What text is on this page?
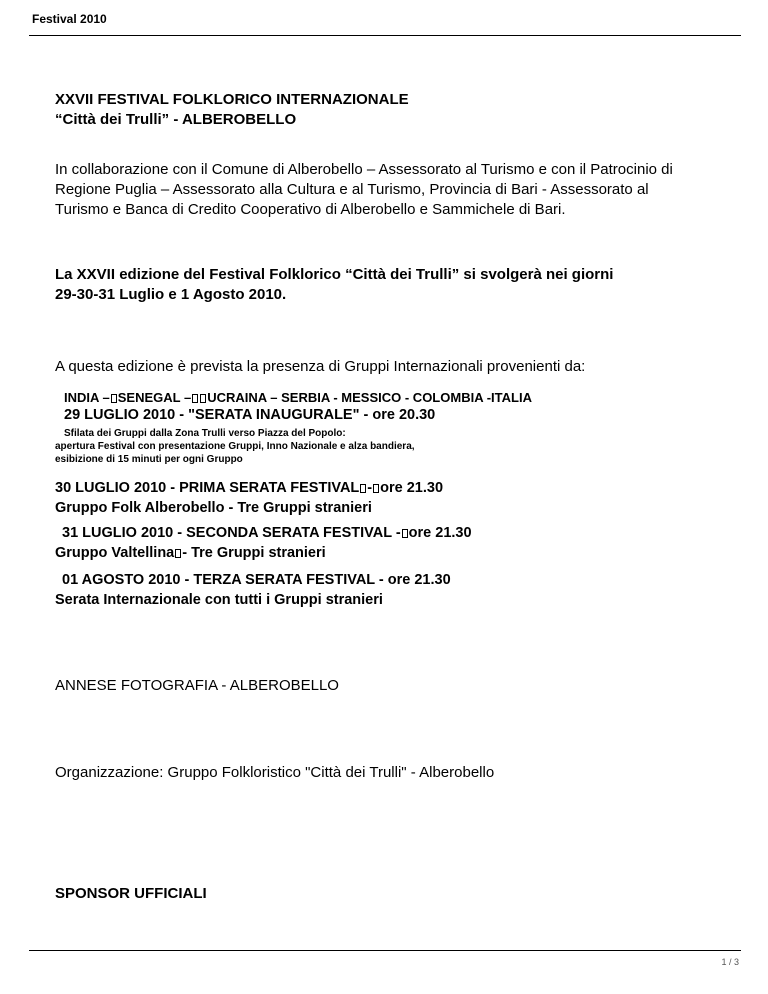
Festival 2010
XXVII FESTIVAL FOLKLORICO INTERNAZIONALE
“Città dei Trulli” - ALBEROBELLO
In collaborazione con il Comune di Alberobello – Assessorato al Turismo e con il Patrocinio di
Regione Puglia – Assessorato alla Cultura e al Turismo, Provincia di Bari - Assessorato al
Turismo e Banca di Credito Cooperativo di Alberobello e Sammichele di Bari.
La XXVII edizione del Festival Folklorico “Città dei Trulli” si svolgerà nei giorni
29-30-31 Luglio e 1 Agosto 2010.
A questa edizione è prevista la presenza di Gruppi Internazionali provenienti da:
INDIA – SENEGAL – UCRAINA – SERBIA - MESSICO - COLOMBIA -ITALIA
29 LUGLIO 2010 - "SERATA INAUGURALE" - ore 20.30
Sfilata dei Gruppi dalla Zona Trulli verso Piazza del Popolo:
apertura Festival con presentazione Gruppi, Inno Nazionale e alza bandiera,
esibizione di 15 minuti per ogni Gruppo
30 LUGLIO 2010 - PRIMA SERATA FESTIVAL - ore 21.30
Gruppo Folk Alberobello - Tre Gruppi stranieri
31 LUGLIO 2010 - SECONDA SERATA FESTIVAL - ore 21.30
Gruppo Valtellina - Tre Gruppi stranieri
01 AGOSTO 2010 - TERZA SERATA FESTIVAL - ore 21.30
Serata Internazionale con tutti i Gruppi stranieri
ANNESE FOTOGRAFIA - ALBEROBELLO
Organizzazione: Gruppo Folkloristico "Città dei Trulli" - Alberobello
SPONSOR UFFICIALI
1 / 3
